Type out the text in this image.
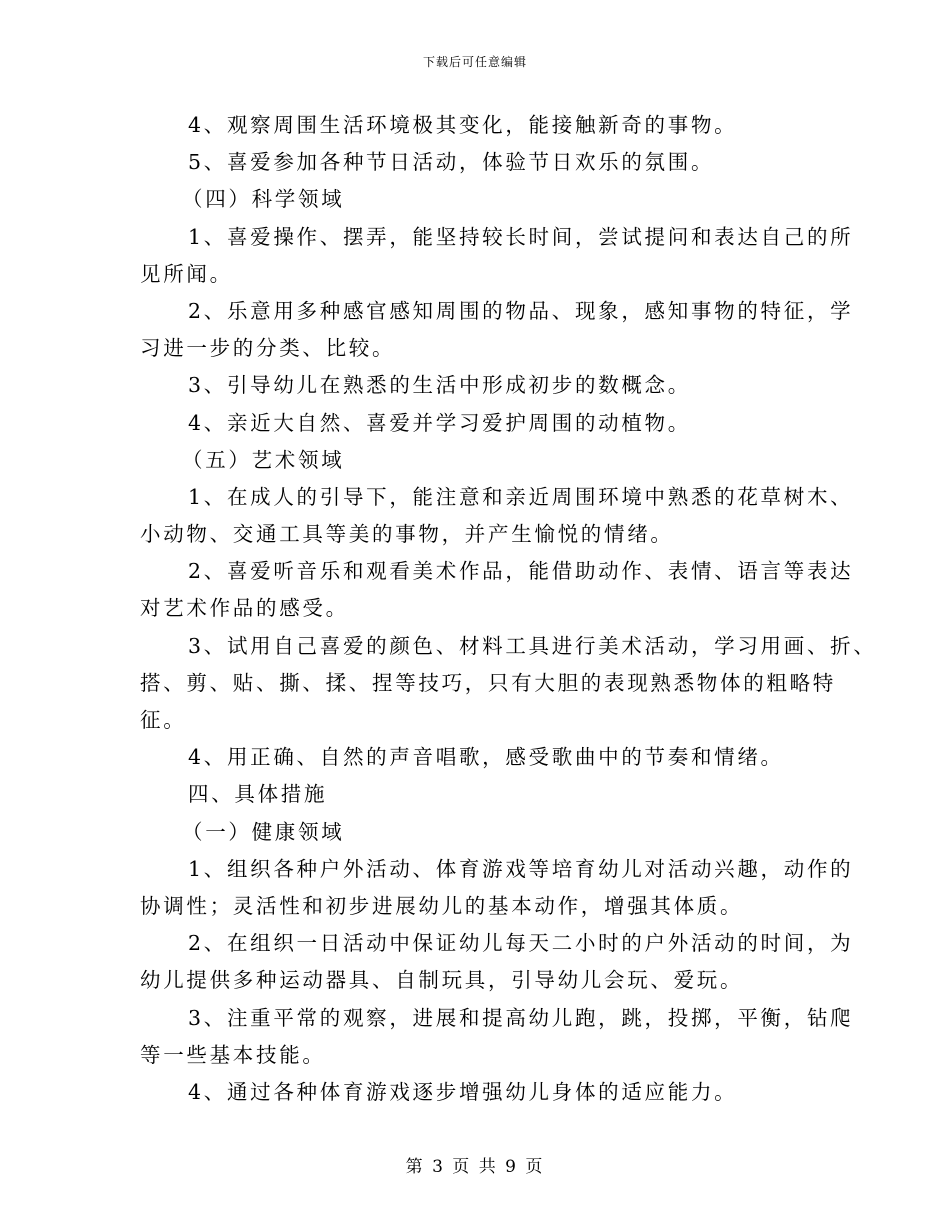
下载后可任意编辑
4、观察周围生活环境极其变化，能接触新奇的事物。
5、喜爱参加各种节日活动，体验节日欢乐的氛围。
（四）科学领域
1、喜爱操作、摆弄，能坚持较长时间，尝试提问和表达自己的所
见所闻。
2、乐意用多种感官感知周围的物品、现象，感知事物的特征，学
习进一步的分类、比较。
3、引导幼儿在熟悉的生活中形成初步的数概念。
4、亲近大自然、喜爱并学习爱护周围的动植物。
（五）艺术领域
1、在成人的引导下，能注意和亲近周围环境中熟悉的花草树木、
小动物、交通工具等美的事物，并产生愉悦的情绪。
2、喜爱听音乐和观看美术作品，能借助动作、表情、语言等表达
对艺术作品的感受。
3、试用自己喜爱的颜色、材料工具进行美术活动，学习用画、折、
搭、剪、贴、撕、揉、捏等技巧，只有大胆的表现熟悉物体的粗略特
征。
4、用正确、自然的声音唱歌，感受歌曲中的节奏和情绪。
四、具体措施
（一）健康领域
1、组织各种户外活动、体育游戏等培育幼儿对活动兴趣，动作的
协调性；灵活性和初步进展幼儿的基本动作，增强其体质。
2、在组织一日活动中保证幼儿每天二小时的户外活动的时间，为
幼儿提供多种运动器具、自制玩具，引导幼儿会玩、爱玩。
3、注重平常的观察，进展和提高幼儿跑，跳，投掷，平衡，钻爬
等一些基本技能。
4、通过各种体育游戏逐步增强幼儿身体的适应能力。
第 3 页 共 9 页
